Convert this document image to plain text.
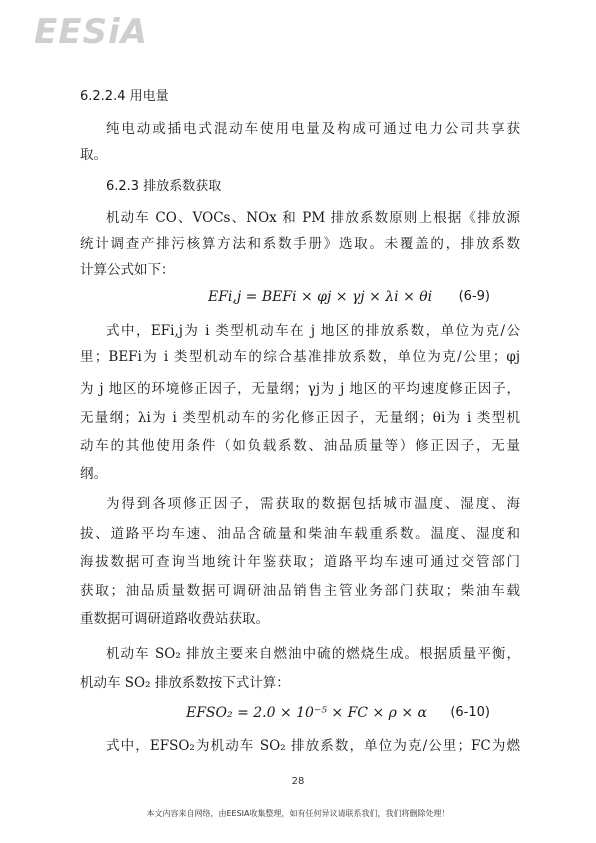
EESiA
6.2.2.4 用电量
纯电动或插电式混动车使用电量及构成可通过电力公司共享获
取。
6.2.3 排放系数获取
机动车 CO、VOCs、NOx 和 PM 排放系数原则上根据《排放源
统计调查产排污核算方法和系数手册》选取。未覆盖的，排放系数
计算公式如下：
EFi,j = BEFi × φj × γj × λi × θi (6-9)
式中，EFi,j为 i 类型机动车在 j 地区的排放系数，单位为克/公
里；BEFi为 i 类型机动车的综合基准排放系数，单位为克/公里；φj
为 j 地区的环境修正因子，无量纲；γj为 j 地区的平均速度修正因子，
无量纲；λi为 i 类型机动车的劣化修正因子，无量纲；θi为 i 类型机
动车的其他使用条件（如负载系数、油品质量等）修正因子，无量
纲。
为得到各项修正因子，需获取的数据包括城市温度、湿度、海
拔、道路平均车速、油品含硫量和柴油车载重系数。温度、湿度和
海拔数据可查询当地统计年鉴获取；道路平均车速可通过交管部门
获取；油品质量数据可调研油品销售主管业务部门获取；柴油车载
重数据可调研道路收费站获取。
机动车 SO₂ 排放主要来自燃油中硫的燃烧生成。根据质量平衡，
机动车 SO₂ 排放系数按下式计算：
EFSO₂ = 2.0 × 10⁻⁵ × FC × ρ × α (6-10)
式中，EFSO₂为机动车 SO₂ 排放系数，单位为克/公里；FC为燃
28
本文内容来自网络，由EESIA收集整理，如有任何异议请联系我们，我们将删除处理！
